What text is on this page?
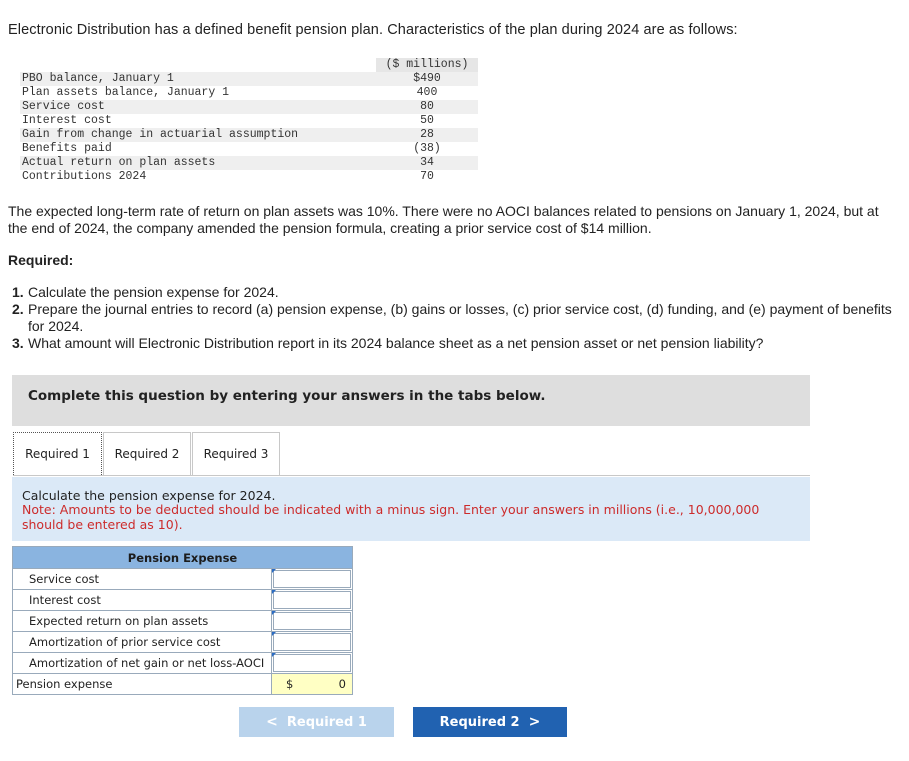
Electronic Distribution has a defined benefit pension plan. Characteristics of the plan during 2024 are as follows:
	($ millions)
PBO balance, January 1	$490
Plan assets balance, January 1	400
Service cost	80
Interest cost	50
Gain from change in actuarial assumption	28
Benefits paid	(38)
Actual return on plan assets	34
Contributions 2024	70
The expected long-term rate of return on plan assets was 10%. There were no AOCI balances related to pensions on January 1, 2024, but at the end of 2024, the company amended the pension formula, creating a prior service cost of $14 million.
Required:
1. Calculate the pension expense for 2024.
2. Prepare the journal entries to record (a) pension expense, (b) gains or losses, (c) prior service cost, (d) funding, and (e) payment of benefits for 2024.
3. What amount will Electronic Distribution report in its 2024 balance sheet as a net pension asset or net pension liability?
Complete this question by entering your answers in the tabs below.
Required 1	Required 2	Required 3
Calculate the pension expense for 2024.
Note: Amounts to be deducted should be indicated with a minus sign. Enter your answers in millions (i.e., 10,000,000 should be entered as 10).
Pension Expense		
Service cost	

Interest cost	

Expected return on plan assets	

Amortization of prior service cost	

Amortization of net gain or net loss-AOCI	

Pension expense	$ 0	
< Required 1	Required 2 >
